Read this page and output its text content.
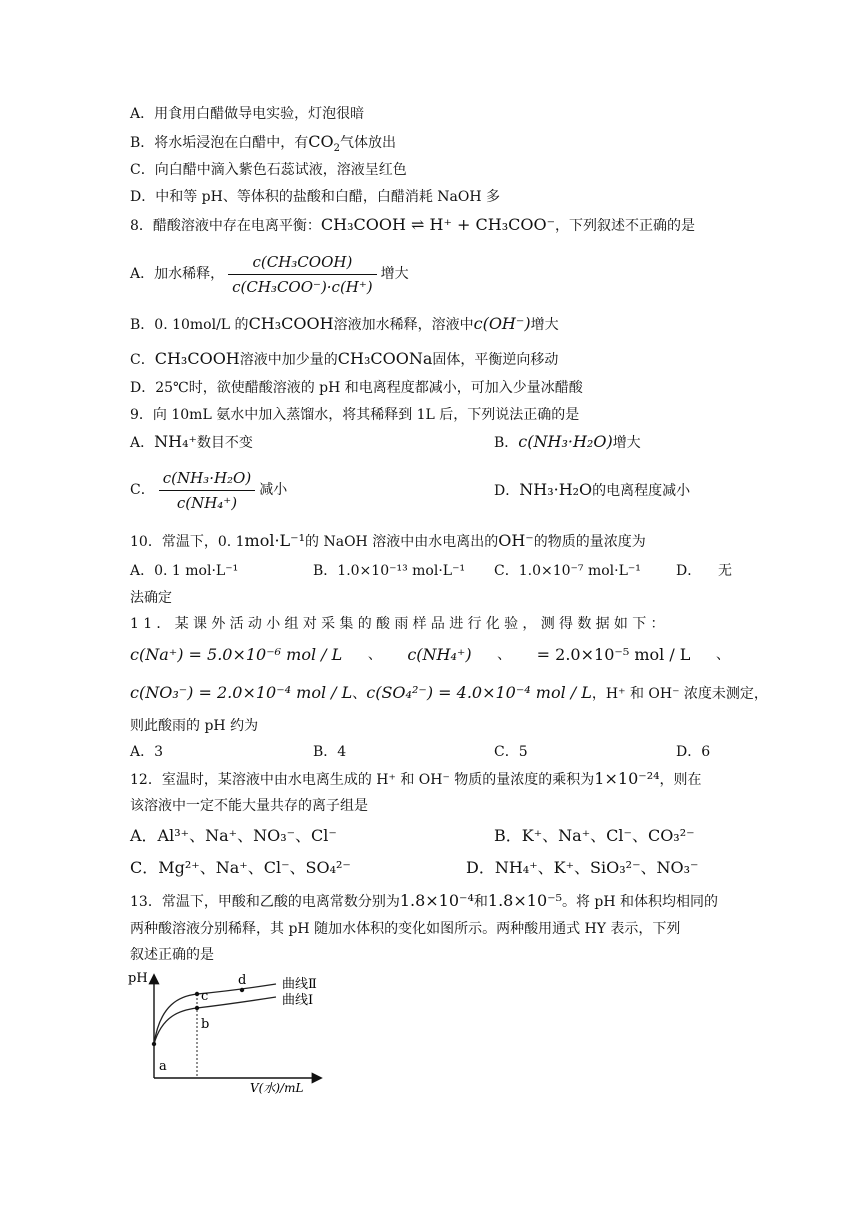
A．用食用白醋做导电实验，灯泡很暗
B．将水垢浸泡在白醋中，有$CO_2$气体放出
C．向白醋中滴入紫色石蕊试液，溶液呈红色
D．中和等 pH、等体积的盐酸和白醋，白醋消耗 NaOH 多
8．醋酸溶液中存在电离平衡：CH₃COOH ⇌ H⁺ + CH₃COO⁻，下列叙述不正确的是
A．加水稀释， $\frac{\text{c(CH₃COOH)}}{\text{c(CH₃COO⁻)·c(H⁺)}}$ 增大
B．0. 10mol/L 的CH₃COOH溶液加水稀释，溶液中c(OH⁻)增大
C．CH₃COOH溶液中加少量的CH₃COONa固体，平衡逆向移动
D．25℃时，欲使醋酸溶液的 pH 和电离程度都减小，可加入少量冰醋酸
9．向 10mL 氨水中加入蒸馏水，将其稀释到 1L 后，下列说法正确的是
A．NH₄⁺数目不变	B．c(NH₃·H₂O)增大
C． $\frac{\text{c(NH₃·H₂O)}}{\text{c(NH₄⁺)}}$ 减小	D．NH₃·H₂O的电离程度减小
10．常温下，0. 1mol·L⁻¹的 NaOH 溶液中由水电离出的OH⁻的物质的量浓度为
A．0. 1 mol·L⁻¹	B．1.0×10⁻¹³ mol·L⁻¹ C．1.0×10⁻⁷ mol·L⁻¹	D． 无
法确定
11．某课外活动小组对采集的酸雨样品进行化验，测得数据如下：
c(Na⁺) = 5.0×10⁻⁶ mol / L 、 c(NH₄⁺) 、 = 2.0×10⁻⁵ mol / L 、
c(NO₃⁻) = 2.0×10⁻⁴ mol / L、c(SO₄²⁻) = 4.0×10⁻⁴ mol / L，H⁺ 和 OH⁻ 浓度未测定，
则此酸雨的 pH 约为
A．3	B．4	C．5	D．6
12．室温时，某溶液中由水电离生成的 H⁺ 和 OH⁻ 物质的量浓度的乘积为1×10⁻²⁴，则在
该溶液中一定不能大量共存的离子组是
A．Al³⁺、Na⁺、NO₃⁻、Cl⁻	B．K⁺、Na⁺、Cl⁻、CO₃²⁻
C．Mg²⁺、Na⁺、Cl⁻、SO₄²⁻	D．NH₄⁺、K⁺、SiO₃²⁻、NO₃⁻
13．常温下，甲酸和乙酸的电离常数分别为1.8×10⁻⁴和1.8×10⁻⁵。将 pH 和体积均相同的
两种酸溶液分别稀释，其 pH 随加水体积的变化如图所示。两种酸用通式 HY 表示，下列
叙述正确的是
pH
V(水)/mL
a
b
c
d	曲线Ⅱ
曲线Ⅰ
